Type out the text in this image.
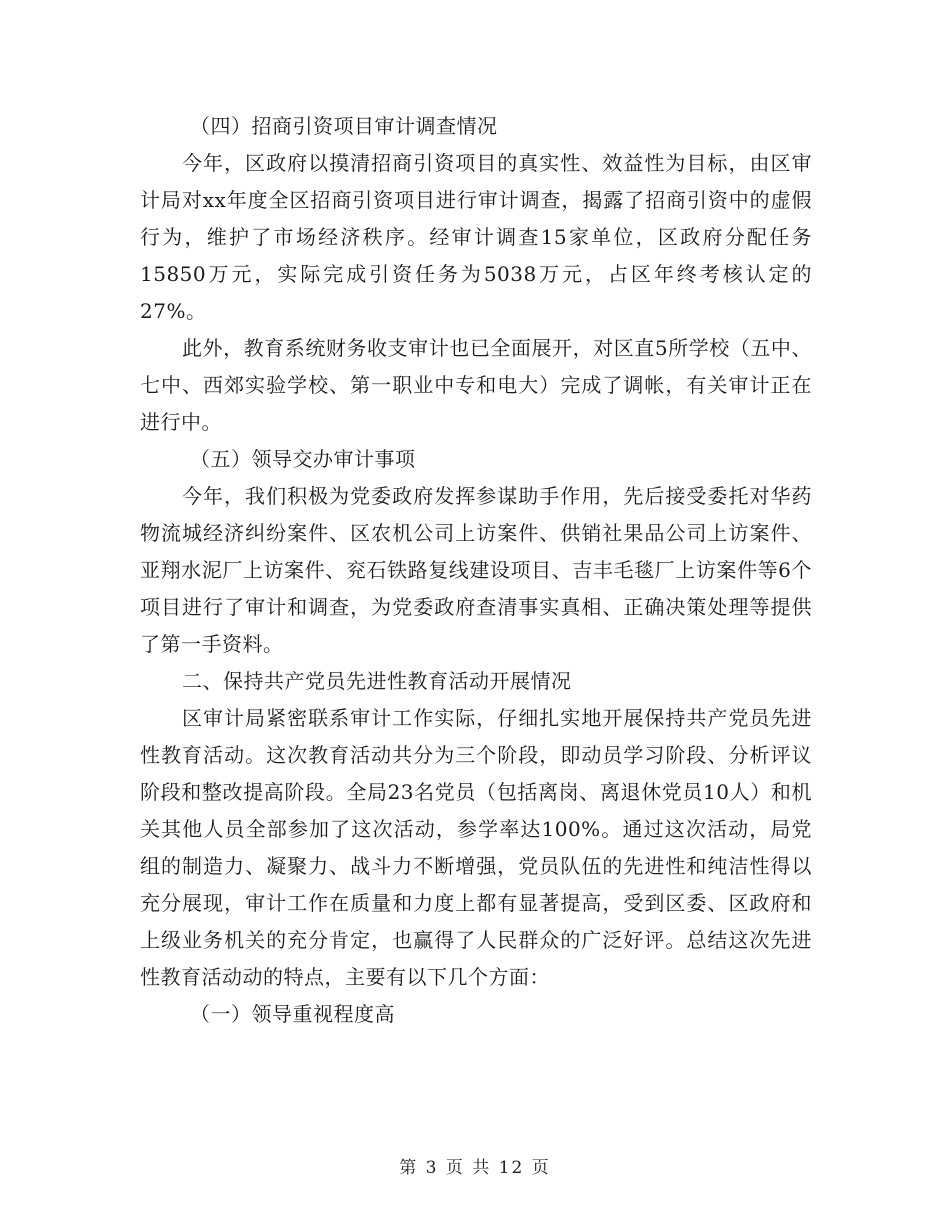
（四）招商引资项目审计调查情况

今年，区政府以摸清招商引资项目的真实性、效益性为目标，由区审计局对xx年度全区招商引资项目进行审计调查，揭露了招商引资中的虚假行为，维护了市场经济秩序。经审计调查15家单位，区政府分配任务15850万元，实际完成引资任务为5038万元，占区年终考核认定的27%。

此外，教育系统财务收支审计也已全面展开，对区直5所学校（五中、七中、西郊实验学校、第一职业中专和电大）完成了调帐，有关审计正在进行中。

（五）领导交办审计事项

今年，我们积极为党委政府发挥参谋助手作用，先后接受委托对华药物流城经济纠纷案件、区农机公司上访案件、供销社果品公司上访案件、亚翔水泥厂上访案件、兖石铁路复线建设项目、吉丰毛毯厂上访案件等6个项目进行了审计和调查，为党委政府查清事实真相、正确决策处理等提供了第一手资料。

二、保持共产党员先进性教育活动开展情况

区审计局紧密联系审计工作实际，仔细扎实地开展保持共产党员先进性教育活动。这次教育活动共分为三个阶段，即动员学习阶段、分析评议阶段和整改提高阶段。全局23名党员（包括离岗、离退休党员10人）和机关其他人员全部参加了这次活动，参学率达100%。通过这次活动，局党组的制造力、凝聚力、战斗力不断增强，党员队伍的先进性和纯洁性得以充分展现，审计工作在质量和力度上都有显著提高，受到区委、区政府和上级业务机关的充分肯定，也赢得了人民群众的广泛好评。总结这次先进性教育活动动的特点，主要有以下几个方面：

（一）领导重视程度高

第 3 页 共 12 页
